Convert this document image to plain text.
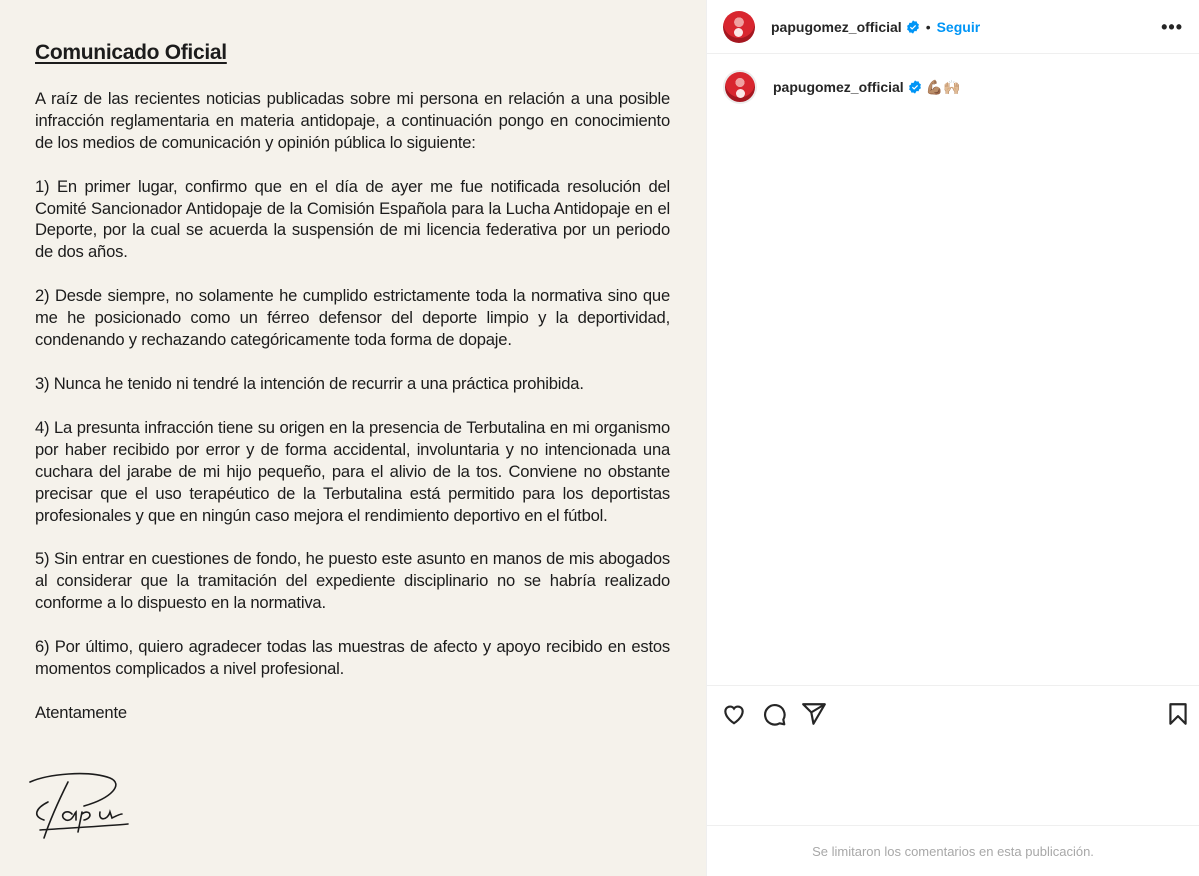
Comunicado Oficial

A raíz de las recientes noticias publicadas sobre mi persona en relación a una posible infracción reglamentaria en materia antidopaje, a continuación pongo en conocimiento de los medios de comunicación y opinión pública lo siguiente:

1) En primer lugar, confirmo que en el día de ayer me fue notificada resolución del Comité Sancionador Antidopaje de la Comisión Española para la Lucha Antidopaje en el Deporte, por la cual se acuerda la suspensión de mi licencia federativa por un periodo de dos años.

2) Desde siempre, no solamente he cumplido estrictamente toda la normativa sino que me he posicionado como un férreo defensor del deporte limpio y la deportividad, condenando y rechazando categóricamente toda forma de dopaje.

3) Nunca he tenido ni tendré la intención de recurrir a una práctica prohibida.

4) La presunta infracción tiene su origen en la presencia de Terbutalina en mi organismo por haber recibido por error y de forma accidental, involuntaria y no intencionada una cuchara del jarabe de mi hijo pequeño, para el alivio de la tos. Conviene no obstante precisar que el uso terapéutico de la Terbutalina está permitido para los deportistas profesionales y que en ningún caso mejora el rendimiento deportivo en el fútbol.

5) Sin entrar en cuestiones de fondo, he puesto este asunto en manos de mis abogados al considerar que la tramitación del expediente disciplinario no se habría realizado conforme a lo dispuesto en la normativa.

6) Por último, quiero agradecer todas las muestras de afecto y apoyo recibido en estos momentos complicados a nivel profesional.

Atentamente

papugomez_official • Seguir	•••
papugomez_official 💪🏽🙌🏼
Se limitaron los comentarios en esta publicación.
